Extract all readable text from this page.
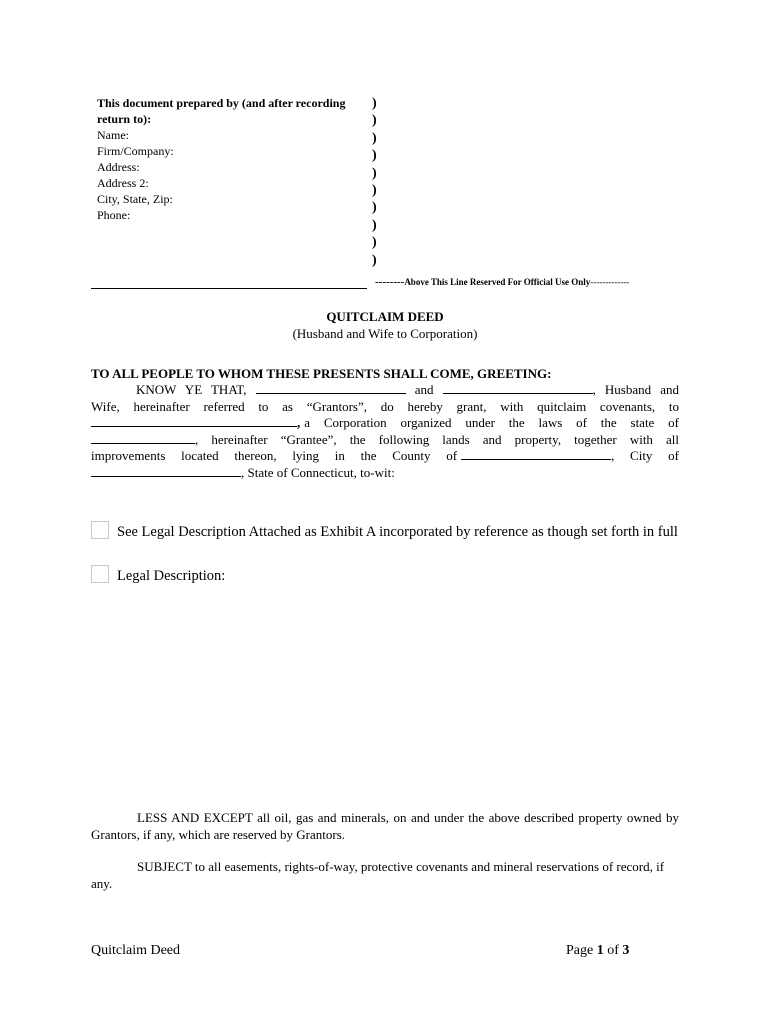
This document prepared by (and after recording return to):
Name:
Firm/Company:
Address:
Address 2:
City, State, Zip:
Phone:
)
)
)
)
)
)
)
)
)
)
--------Above This Line Reserved For Official Use Only-------------
QUITCLAIM DEED
(Husband and Wife to Corporation)
TO ALL PEOPLE TO WHOM THESE PRESENTS SHALL COME, GREETING:
KNOW YE THAT,	and	, Husband and
Wife, hereinafter referred to as “Grantors”, do hereby grant, with quitclaim covenants, to
, a Corporation organized under the laws of the state of
, hereinafter “Grantee”, the following lands and property, together with all
improvements located thereon, lying in the County of	, City of
, State of Connecticut, to-wit:
See Legal Description Attached as Exhibit A incorporated by reference as though set forth in full
Legal Description:
LESS AND EXCEPT all oil, gas and minerals, on and under the above described property owned by Grantors, if any, which are reserved by Grantors.
SUBJECT to all easements, rights-of-way, protective covenants and mineral reservations of record, if any.
Quitclaim Deed	Page 1 of 3
